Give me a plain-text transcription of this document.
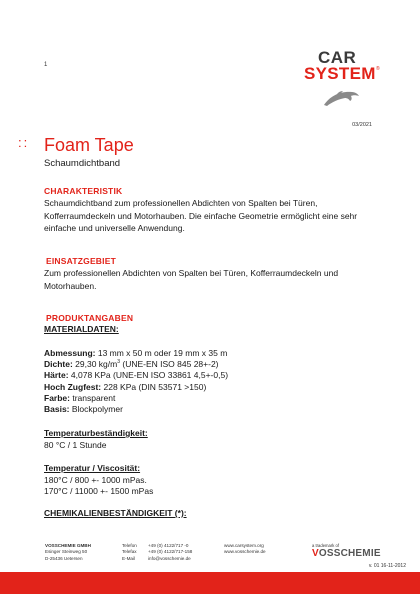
1	CAR
SYSTEM ®
03/2021
:: Foam Tape
Schaumdichtband
CHARAKTERISTIK

Schaumdichtband zum professionellen Abdichten von Spalten bei Türen, Kofferraumdeckeln und Motorhauben. Die einfache Geometrie ermöglicht eine sehr einfache und universelle Anwendung.

EINSATZGEBIET

Zum professionellen Abdichten von Spalten bei Türen, Kofferraumdeckeln und Motorhauben.

PRODUKTANGABEN
MATERIALDATEN:
Abmessung: 13 mm x 50 m oder 19 mm x 35 m
Dichte: 29,30 $kg/m^3$ (UNE-EN ISO 845 28+-2)
Härte: 4,078 KPa (UNE-EN ISO 33861 4,5+-0,5)
Hoch Zugfest: 228 KPa (DIN 53571 >150)
Farbe: transparent
Basis: Blockpolymer
Temperaturbeständigkeit:
80 °C / 1 Stunde
Temperatur / Viscosität:
180°C / 800 +- 1000 mPas.
170°C / 11000 +- 1500 mPas
CHEMIKALIENBESTÄNDIGKEIT (*):
VOSSCHEMIE GMBH
Esinger Steinweg 50
D-25436 Uetersen
Telefon
Telefax
E-Mail
+49 (0) 4122/717 -0
+49 (0) 4122/717-158
info@vosschemie.de
www.carsystem.org
www.vosschemie.de
a trademark of
VOSSCHEMIE
v. 01 16-11-2012
